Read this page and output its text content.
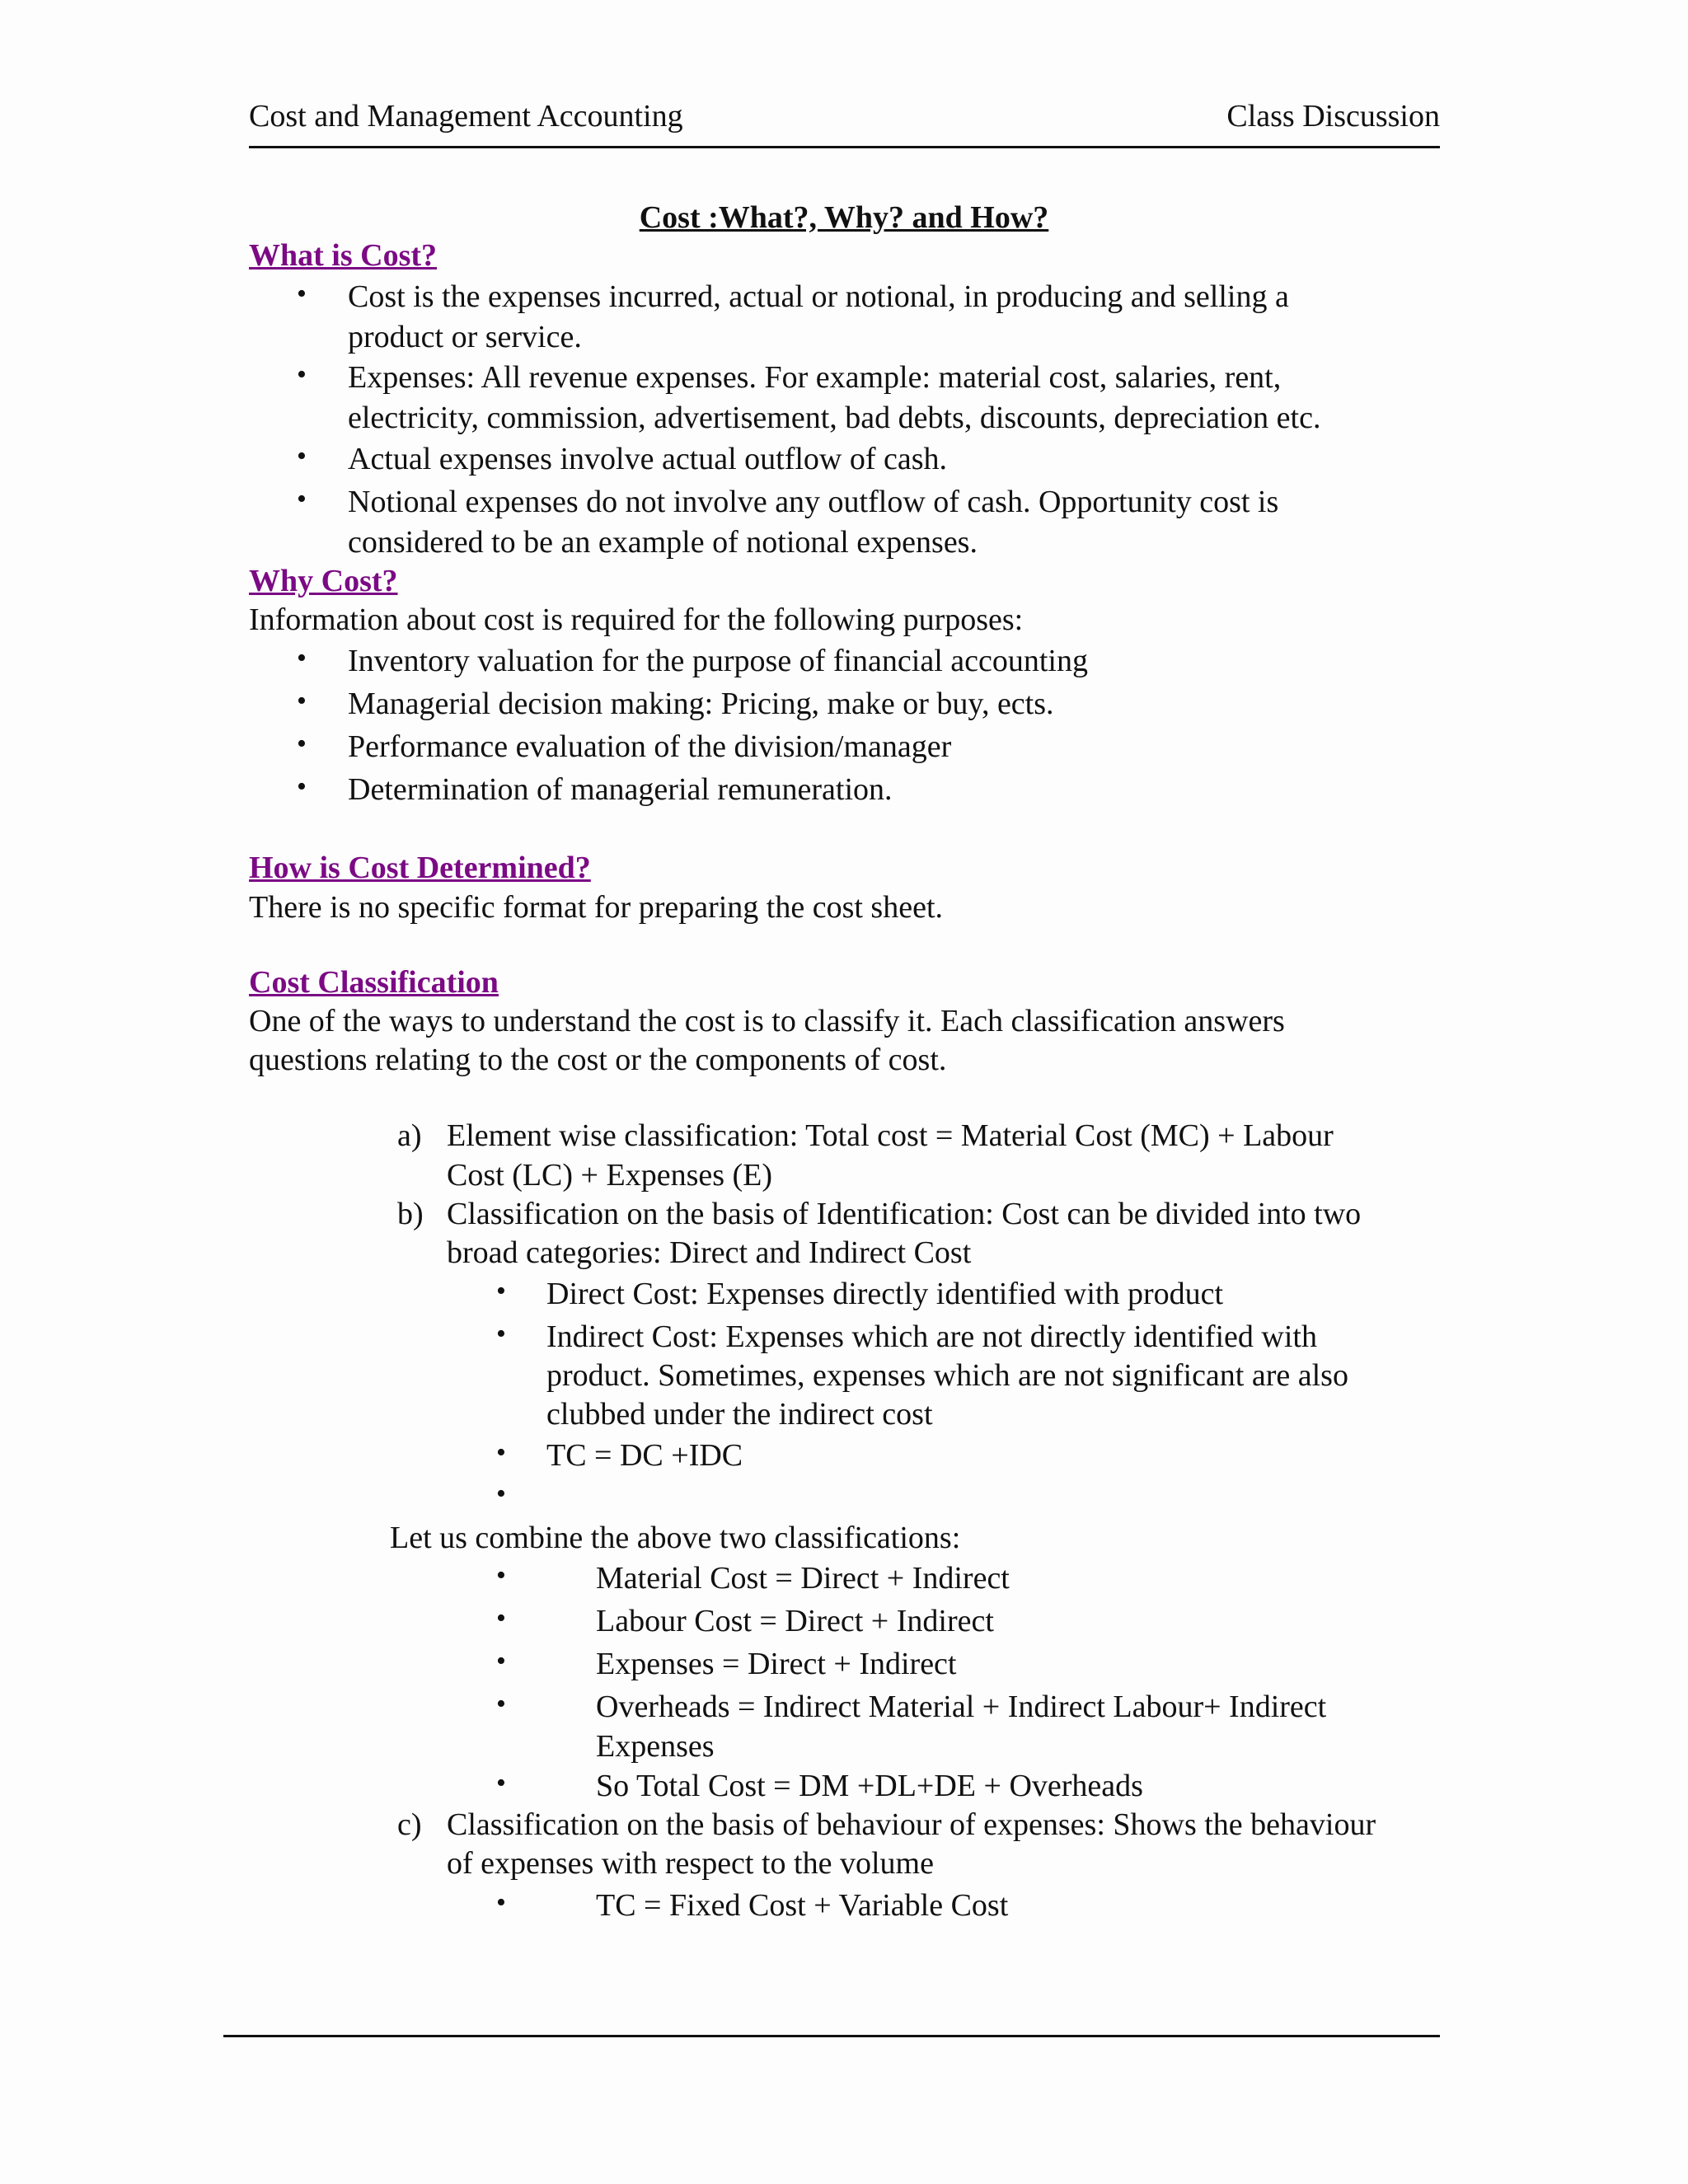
Cost and Management Accounting	Class Discussion
Cost :What?, Why? and How?
What is Cost?
• Cost is the expenses incurred, actual or notional, in producing and selling a
product or service.
• Expenses: All revenue expenses. For example: material cost, salaries, rent,
electricity, commission, advertisement, bad debts, discounts, depreciation etc.
• Actual expenses involve actual outflow of cash.
• Notional expenses do not involve any outflow of cash. Opportunity cost is
considered to be an example of notional expenses.
Why Cost?
Information about cost is required for the following purposes:
• Inventory valuation for the purpose of financial accounting
• Managerial decision making: Pricing, make or buy, ects.
• Performance evaluation of the division/manager
• Determination of managerial remuneration.
How is Cost Determined?
There is no specific format for preparing the cost sheet.
Cost Classification
One of the ways to understand the cost is to classify it. Each classification answers
questions relating to the cost or the components of cost.
a) Element wise classification: Total cost = Material Cost (MC) + Labour
Cost (LC) + Expenses (E)
b) Classification on the basis of Identification: Cost can be divided into two
broad categories: Direct and Indirect Cost
• Direct Cost: Expenses directly identified with product
• Indirect Cost: Expenses which are not directly identified with
product. Sometimes, expenses which are not significant are also
clubbed under the indirect cost
• TC = DC +IDC
•
Let us combine the above two classifications:
•	Material Cost = Direct + Indirect
•	Labour Cost = Direct + Indirect
•	Expenses = Direct + Indirect
•	Overheads = Indirect Material + Indirect Labour+ Indirect
Expenses
•	So Total Cost = DM +DL+DE + Overheads
c) Classification on the basis of behaviour of expenses: Shows the behaviour
of expenses with respect to the volume
•	TC = Fixed Cost + Variable Cost
